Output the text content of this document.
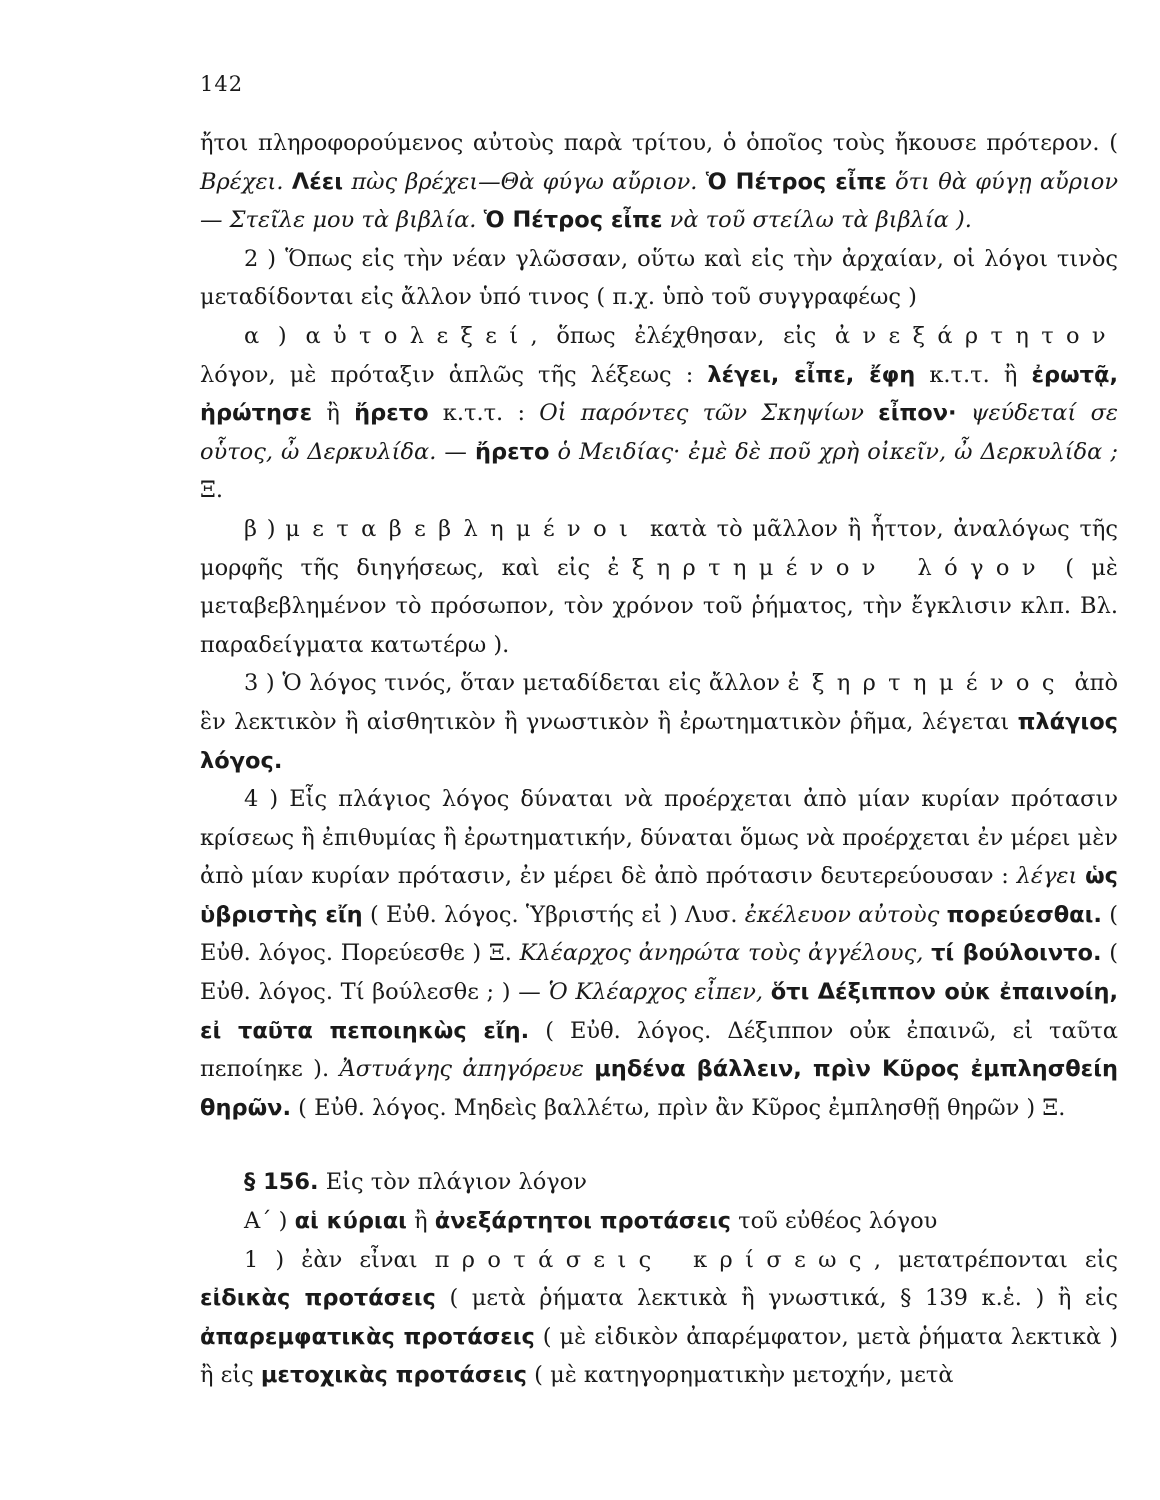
142

ἤτοι πληροφορούμενος αὐτοὺς παρὰ τρίτου, ὁ ὁποῖος τοὺς ἤκουσε πρότερον. ( Βρέχει. Λέει πὼς βρέχει—Θὰ φύγω αὔριον. Ὁ Πέτρος εἶπε ὅτι θὰ φύγῃ αὔριον — Στεῖλε μου τὰ βιβλία. Ὁ Πέτρος εἶπε νὰ τοῦ στείλω τὰ βιβλία ).

2 ) Ὅπως εἰς τὴν νέαν γλῶσσαν, οὕτω καὶ εἰς τὴν ἀρχαίαν, οἱ λόγοι τινὸς μεταδίδονται εἰς ἄλλον ὑπό τινος ( π.χ. ὑπὸ τοῦ συγγραφέως )

α ) αὐτολεξεί, ὅπως ἐλέχθησαν, εἰς ἀνεξάρτητον λόγον, μὲ πρόταξιν ἁπλῶς τῆς λέξεως : λέγει, εἶπε, ἔφη κ.τ.τ. ἢ ἐρωτᾷ, ἠρώτησε ἢ ἤρετο κ.τ.τ. : Οἱ παρόντες τῶν Σκηψίων εἶπον· ψεύδεταί σε οὗτος, ὦ Δερκυλίδα. — ἤρετο ὁ Μειδίας· ἐμὲ δὲ ποῦ χρὴ οἰκεῖν, ὦ Δερκυλίδα ; Ξ.

β ) μεταβεβλημένοι κατὰ τὸ μᾶλλον ἢ ἧττον, ἀναλόγως τῆς μορφῆς τῆς διηγήσεως, καὶ εἰς ἐξηρτημένον λόγον ( μὲ μεταβεβλημένον τὸ πρόσωπον, τὸν χρόνον τοῦ ῥήματος, τὴν ἔγκλισιν κλπ. Βλ. παραδείγματα κατωτέρω ).

3 ) Ὁ λόγος τινός, ὅταν μεταδίδεται εἰς ἄλλον ἐξηρτημένος ἀπὸ ἓν λεκτικὸν ἢ αἰσθητικὸν ἢ γνωστικὸν ἢ ἐρωτηματικὸν ῥῆμα, λέγεται πλάγιος λόγος.

4 ) Εἷς πλάγιος λόγος δύναται νὰ προέρχεται ἀπὸ μίαν κυρίαν πρότασιν κρίσεως ἢ ἐπιθυμίας ἢ ἐρωτηματικήν, δύναται ὅμως νὰ προέρχεται ἐν μέρει μὲν ἀπὸ μίαν κυρίαν πρότασιν, ἐν μέρει δὲ ἀπὸ πρότασιν δευτερεύουσαν : λέγει ὡς ὑβριστὴς εἴη ( Εὐθ. λόγος. Ὑβριστής εἰ ) Λυσ. ἐκέλευον αὐτοὺς πορεύεσθαι. ( Εὐθ. λόγος. Πορεύεσθε ) Ξ. Κλέαρχος ἀνηρώτα τοὺς ἀγγέλους, τί βούλοιντο. ( Εὐθ. λόγος. Τί βούλεσθε ; ) — Ὁ Κλέαρχος εἶπεν, ὅτι Δέξιππον οὐκ ἐπαινοίη, εἰ ταῦτα πεποιηκὼς εἴη. ( Εὐθ. λόγος. Δέξιππον οὐκ ἐπαινῶ, εἰ ταῦτα πεποίηκε ). Ἀστυάγης ἀπηγόρευε μηδένα βάλλειν, πρὶν Κῦρος ἐμπλησθείη θηρῶν. ( Εὐθ. λόγος. Μηδεὶς βαλλέτω, πρὶν ἂν Κῦρος ἐμπλησθῇ θηρῶν ) Ξ.

§ 156. Εἰς τὸν πλάγιον λόγον

Α΄ ) αἱ κύριαι ἢ ἀνεξάρτητοι προτάσεις τοῦ εὐθέος λόγου

1 ) ἐὰν εἶναι προτάσεις κρίσεως, μετατρέπονται εἰς εἰδικὰς προτάσεις ( μετὰ ῥήματα λεκτικὰ ἢ γνωστικά, § 139 κ.ἑ. ) ἢ εἰς ἀπαρεμφατικὰς προτάσεις ( μὲ εἰδικὸν ἀπαρέμφατον, μετὰ ῥήματα λεκτικὰ ) ἢ εἰς μετοχικὰς προτάσεις ( μὲ κατηγορηματικὴν μετοχήν, μετὰ
